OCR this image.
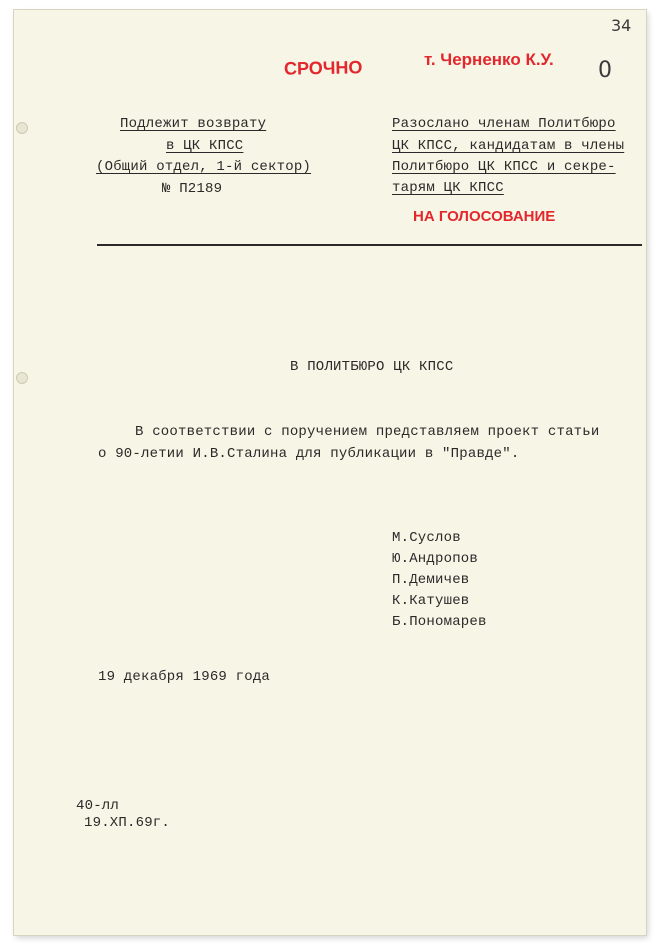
34
0
СРОЧНО	т. Черненко К.У.
Подлежит возврату
в ЦК КПСС
(Общий отдел, 1-й сектор)
№ П2189
Разослано членам Политбюро
ЦК КПСС, кандидатам в члены
Политбюро ЦК КПСС и секре-
тарям ЦК КПСС
НА ГОЛОСОВАНИЕ
В ПОЛИТБЮРО ЦК КПСС
В соответствии с поручением представляем проект статьи
о 90-летии И.В.Сталина для публикации в "Правде".
М.Суслов
Ю.Андропов
П.Демичев
К.Катушев
Б.Пономарев
19 декабря 1969 года
40-лл
19.ХП.69г.
